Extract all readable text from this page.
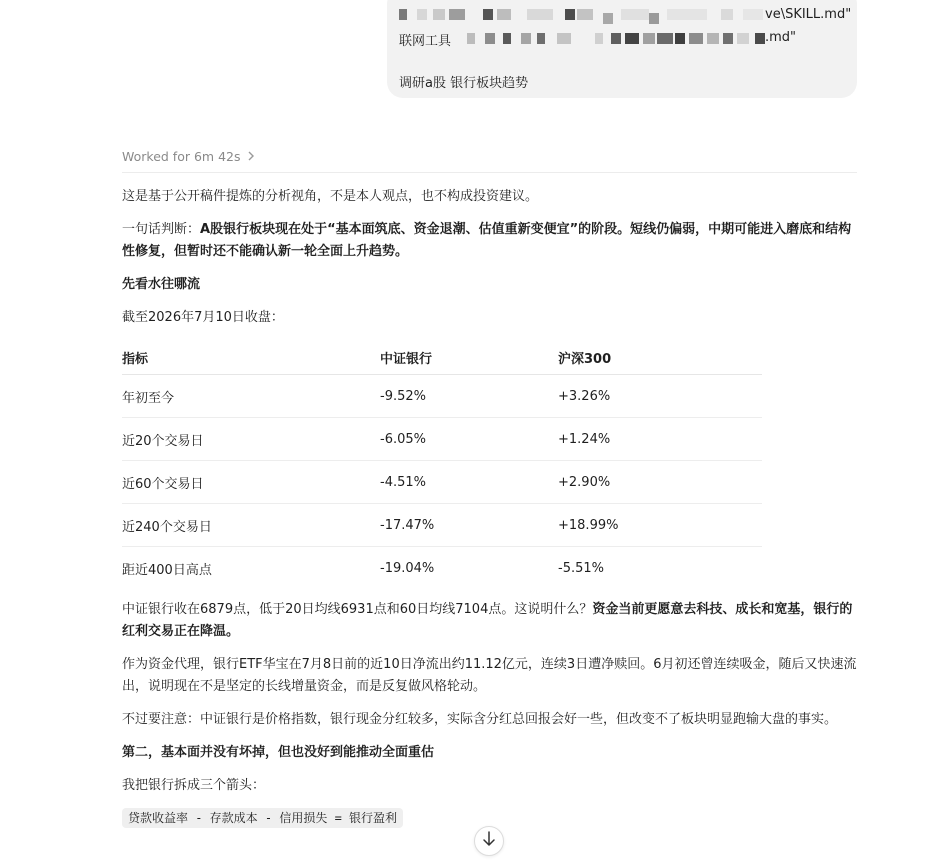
ve\SKILL.md"
联网工具	.md"
调研a股 银行板块趋势
Worked for 6m 42s

这是基于公开稿件提炼的分析视角，不是本人观点，也不构成投资建议。

一句话判断：A股银行板块现在处于“基本面筑底、资金退潮、估值重新变便宜”的阶段。短线仍偏弱，中期可能进入磨底和结构性修复，但暂时还不能确认新一轮全面上升趋势。

先看水往哪流

截至2026年7月10日收盘：

指标	中证银行	沪深300
年初至今	-9.52%	+3.26%
近20个交易日	-6.05%	+1.24%
近60个交易日	-4.51%	+2.90%
近240个交易日	-17.47%	+18.99%
距近400日高点	-19.04%	-5.51%

中证银行收在6879点，低于20日均线6931点和60日均线7104点。这说明什么？资金当前更愿意去科技、成长和宽基，银行的红利交易正在降温。

作为资金代理，银行ETF华宝在7月8日前的近10日净流出约11.12亿元，连续3日遭净赎回。6月初还曾连续吸金，随后又快速流出，说明现在不是坚定的长线增量资金，而是反复做风格轮动。

不过要注意：中证银行是价格指数，银行现金分红较多，实际含分红总回报会好一些，但改变不了板块明显跑输大盘的事实。

第二，基本面并没有坏掉，但也没好到能推动全面重估

我把银行拆成三个箭头：

贷款收益率 - 存款成本 - 信用损失 = 银行盈利
